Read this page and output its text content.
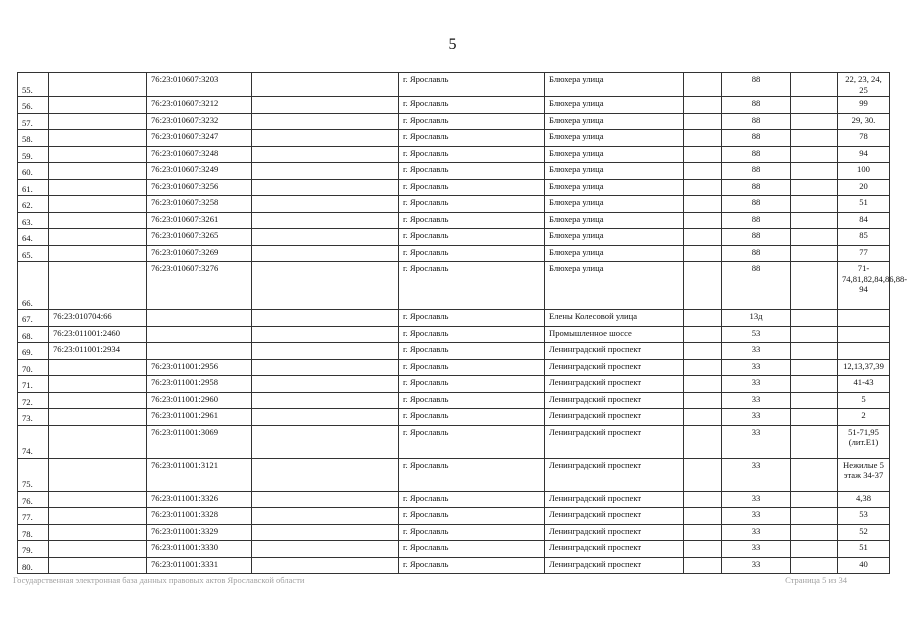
5
55.		76:23:010607:3203		г. Ярославль	Блюхера улица		88		22, 23, 24, 25
56.		76:23:010607:3212		г. Ярославль	Блюхера улица		88		99
57.		76:23:010607:3232		г. Ярославль	Блюхера улица		88		29, 30.
58.		76:23:010607:3247		г. Ярославль	Блюхера улица		88		78
59.		76:23:010607:3248		г. Ярославль	Блюхера улица		88		94
60.		76:23:010607:3249		г. Ярославль	Блюхера улица		88		100
61.		76:23:010607:3256		г. Ярославль	Блюхера улица		88		20
62.		76:23:010607:3258		г. Ярославль	Блюхера улица		88		51
63.		76:23:010607:3261		г. Ярославль	Блюхера улица		88		84
64.		76:23:010607:3265		г. Ярославль	Блюхера улица		88		85
65.		76:23:010607:3269		г. Ярославль	Блюхера улица		88		77
66.		76:23:010607:3276		г. Ярославль	Блюхера улица		88		71-74,81,82,84,86,88-94
67.	76:23:010704:66			г. Ярославль	Елены Колесовой улица		13д		
68.	76:23:011001:2460			г. Ярославль	Промышленное шоссе		53		
69.	76:23:011001:2934			г. Ярославль	Ленинградский проспект		33		
70.		76:23:011001:2956		г. Ярославль	Ленинградский проспект		33		12,13,37,39
71.		76:23:011001:2958		г. Ярославль	Ленинградский проспект		33		41-43
72.		76:23:011001:2960		г. Ярославль	Ленинградский проспект		33		5
73.		76:23:011001:2961		г. Ярославль	Ленинградский проспект		33		2
74.		76:23:011001:3069		г. Ярославль	Ленинградский проспект		33		51-71,95 (лит.Е1)
75.		76:23:011001:3121		г. Ярославль	Ленинградский проспект		33		Нежилые 5 этаж 34-37
76.		76:23:011001:3326		г. Ярославль	Ленинградский проспект		33		4,38
77.		76:23:011001:3328		г. Ярославль	Ленинградский проспект		33		53
78.		76:23:011001:3329		г. Ярославль	Ленинградский проспект		33		52
79.		76:23:011001:3330		г. Ярославль	Ленинградский проспект		33		51
80.		76:23:011001:3331		г. Ярославль	Ленинградский проспект		33		40
Государственная электронная база данных правовых актов Ярославской области	Страница 5 из 34
